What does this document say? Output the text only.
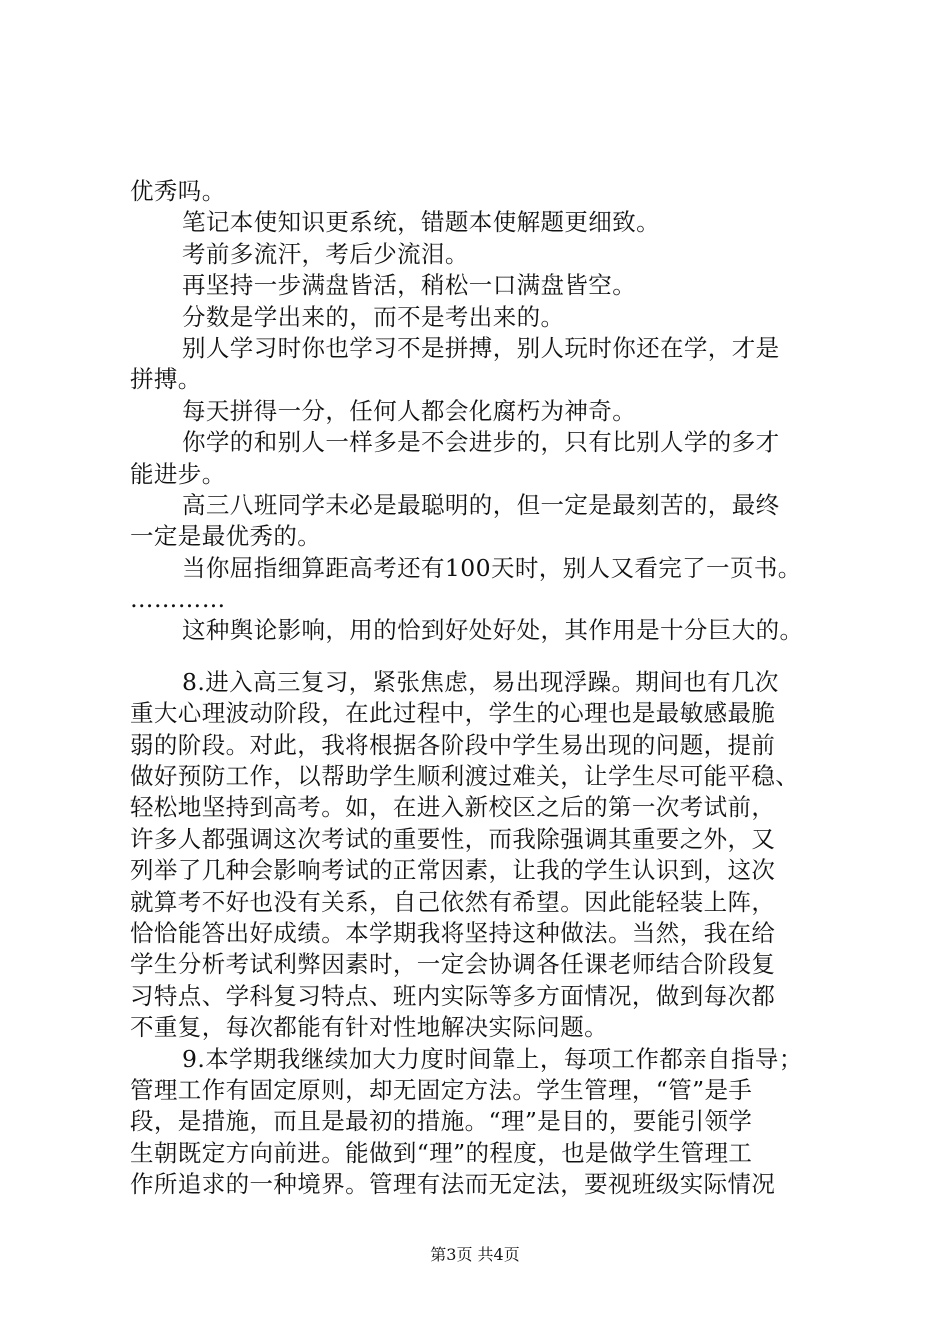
优秀吗。
笔记本使知识更系统，错题本使解题更细致。
考前多流汗，考后少流泪。
再坚持一步满盘皆活，稍松一口满盘皆空。
分数是学出来的，而不是考出来的。
别人学习时你也学习不是拼搏，别人玩时你还在学，才是
拼搏。
每天拼得一分，任何人都会化腐朽为神奇。
你学的和别人一样多是不会进步的，只有比别人学的多才
能进步。
高三八班同学未必是最聪明的，但一定是最刻苦的，最终
一定是最优秀的。
当你屈指细算距高考还有100天时，别人又看完了一页书。
…………
这种舆论影响，用的恰到好处好处，其作用是十分巨大的。
8.进入高三复习，紧张焦虑，易出现浮躁。期间也有几次
重大心理波动阶段，在此过程中，学生的心理也是最敏感最脆
弱的阶段。对此，我将根据各阶段中学生易出现的问题，提前
做好预防工作，以帮助学生顺利渡过难关，让学生尽可能平稳、
轻松地坚持到高考。如，在进入新校区之后的第一次考试前，
许多人都强调这次考试的重要性，而我除强调其重要之外，又
列举了几种会影响考试的正常因素，让我的学生认识到，这次
就算考不好也没有关系，自己依然有希望。因此能轻装上阵，
恰恰能答出好成绩。本学期我将坚持这种做法。当然，我在给
学生分析考试利弊因素时，一定会协调各任课老师结合阶段复
习特点、学科复习特点、班内实际等多方面情况，做到每次都
不重复，每次都能有针对性地解决实际问题。
9.本学期我继续加大力度时间靠上，每项工作都亲自指导；
管理工作有固定原则，却无固定方法。学生管理，“管”是手
段，是措施，而且是最初的措施。“理”是目的，要能引领学
生朝既定方向前进。能做到“理”的程度，也是做学生管理工
作所追求的一种境界。管理有法而无定法，要视班级实际情况
第3页 共4页
